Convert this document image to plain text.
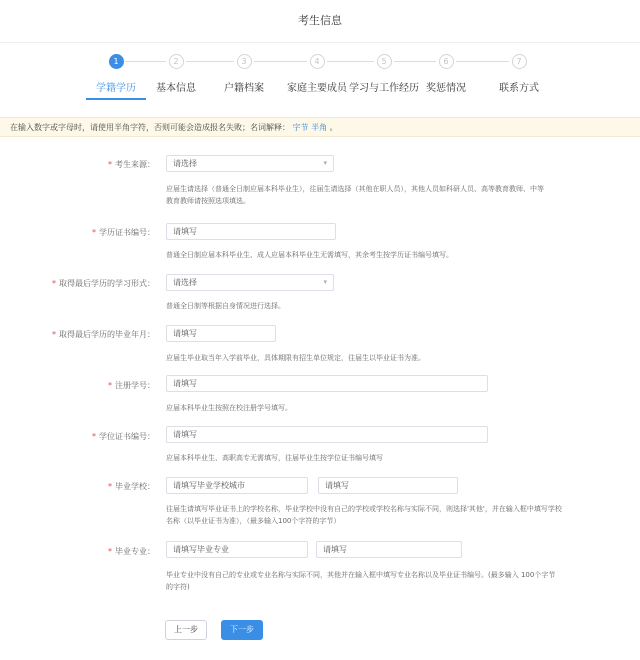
考生信息
1
学籍学历
2
基本信息
3
户籍档案
4
家庭主要成员
5
学习与工作经历
6
奖惩情况
7
联系方式
在输入数字或字母时，请使用半角字符，否则可能会造成报名失败；名词解释： 字节 半角 。
* 考生来源：	请选择	▾
应届生请选择（普通全日制应届本科毕业生），往届生请选择（其他在职人员），其他人员如科研人员、高等教育教师、中等
教育教师请按照选项填选。
* 学历证书编号：	请填写
普通全日制应届本科毕业生、成人应届本科毕业生无需填写，其余考生按学历证书编号填写。
* 取得最后学历的学习形式：	请选择	▾
普通全日制等根据自身情况进行选择。
* 取得最后学历的毕业年月：	请填写
应届生毕业取当年入学前毕业，具体期限有招生单位规定，往届生以毕业证书为准。
* 注册学号：	请填写
应届本科毕业生按照在校注册学号填写。
* 学位证书编号：	请填写
应届本科毕业生、高职高专无需填写，往届毕业生按学位证书编号填写
* 毕业学校：	请填写毕业学校城市	请填写
往届生请填写毕业证书上的学校名称，毕业学校中没有自己的学校或学校名称与实际不同，则选择'其他'，并在输入框中填写学校
名称（以毕业证书为准），（最多输入100个字符的字节）
* 毕业专业：	请填写毕业专业	请填写
毕业专业中没有自己的专业或专业名称与实际不同，其他并在输入框中填写专业名称以及毕业证书编号。(最多输入 100个字节
的字符)
上一步	下一步
